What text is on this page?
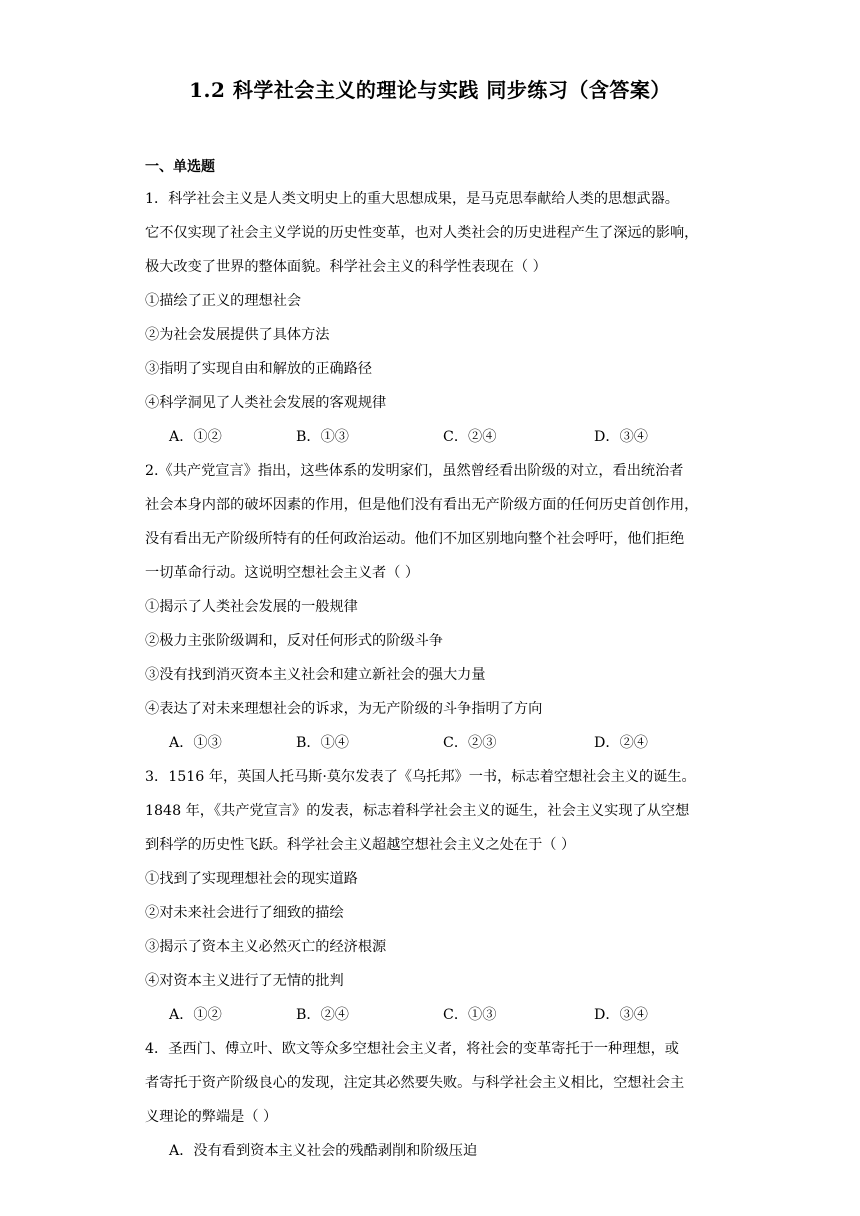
1.2 科学社会主义的理论与实践 同步练习（含答案）
一、单选题
1．科学社会主义是人类文明史上的重大思想成果，是马克思奉献给人类的思想武器。
它不仅实现了社会主义学说的历史性变革，也对人类社会的历史进程产生了深远的影响，
极大改变了世界的整体面貌。科学社会主义的科学性表现在（ ）
①描绘了正义的理想社会
②为社会发展提供了具体方法
③指明了实现自由和解放的正确路径
④科学洞见了人类社会发展的客观规律
A．①②	B．①③	C．②④	D．③④
2.《共产党宣言》指出，这些体系的发明家们，虽然曾经看出阶级的对立，看出统治者
社会本身内部的破坏因素的作用，但是他们没有看出无产阶级方面的任何历史首创作用，
没有看出无产阶级所特有的任何政治运动。他们不加区别地向整个社会呼吁，他们拒绝
一切革命行动。这说明空想社会主义者（ ）
①揭示了人类社会发展的一般规律
②极力主张阶级调和，反对任何形式的阶级斗争
③没有找到消灭资本主义社会和建立新社会的强大力量
④表达了对未来理想社会的诉求，为无产阶级的斗争指明了方向
A．①③	B．①④	C．②③	D．②④
3．1516 年，英国人托马斯·莫尔发表了《乌托邦》一书，标志着空想社会主义的诞生。
1848 年，《共产党宣言》的发表，标志着科学社会主义的诞生，社会主义实现了从空想
到科学的历史性飞跃。科学社会主义超越空想社会主义之处在于（ ）
①找到了实现理想社会的现实道路
②对未来社会进行了细致的描绘
③揭示了资本主义必然灭亡的经济根源
④对资本主义进行了无情的批判
A．①②	B．②④	C．①③	D．③④
4．圣西门、傅立叶、欧文等众多空想社会主义者，将社会的变革寄托于一种理想，或
者寄托于资产阶级良心的发现，注定其必然要失败。与科学社会主义相比，空想社会主
义理论的弊端是（ ）
A．没有看到资本主义社会的残酷剥削和阶级压迫
